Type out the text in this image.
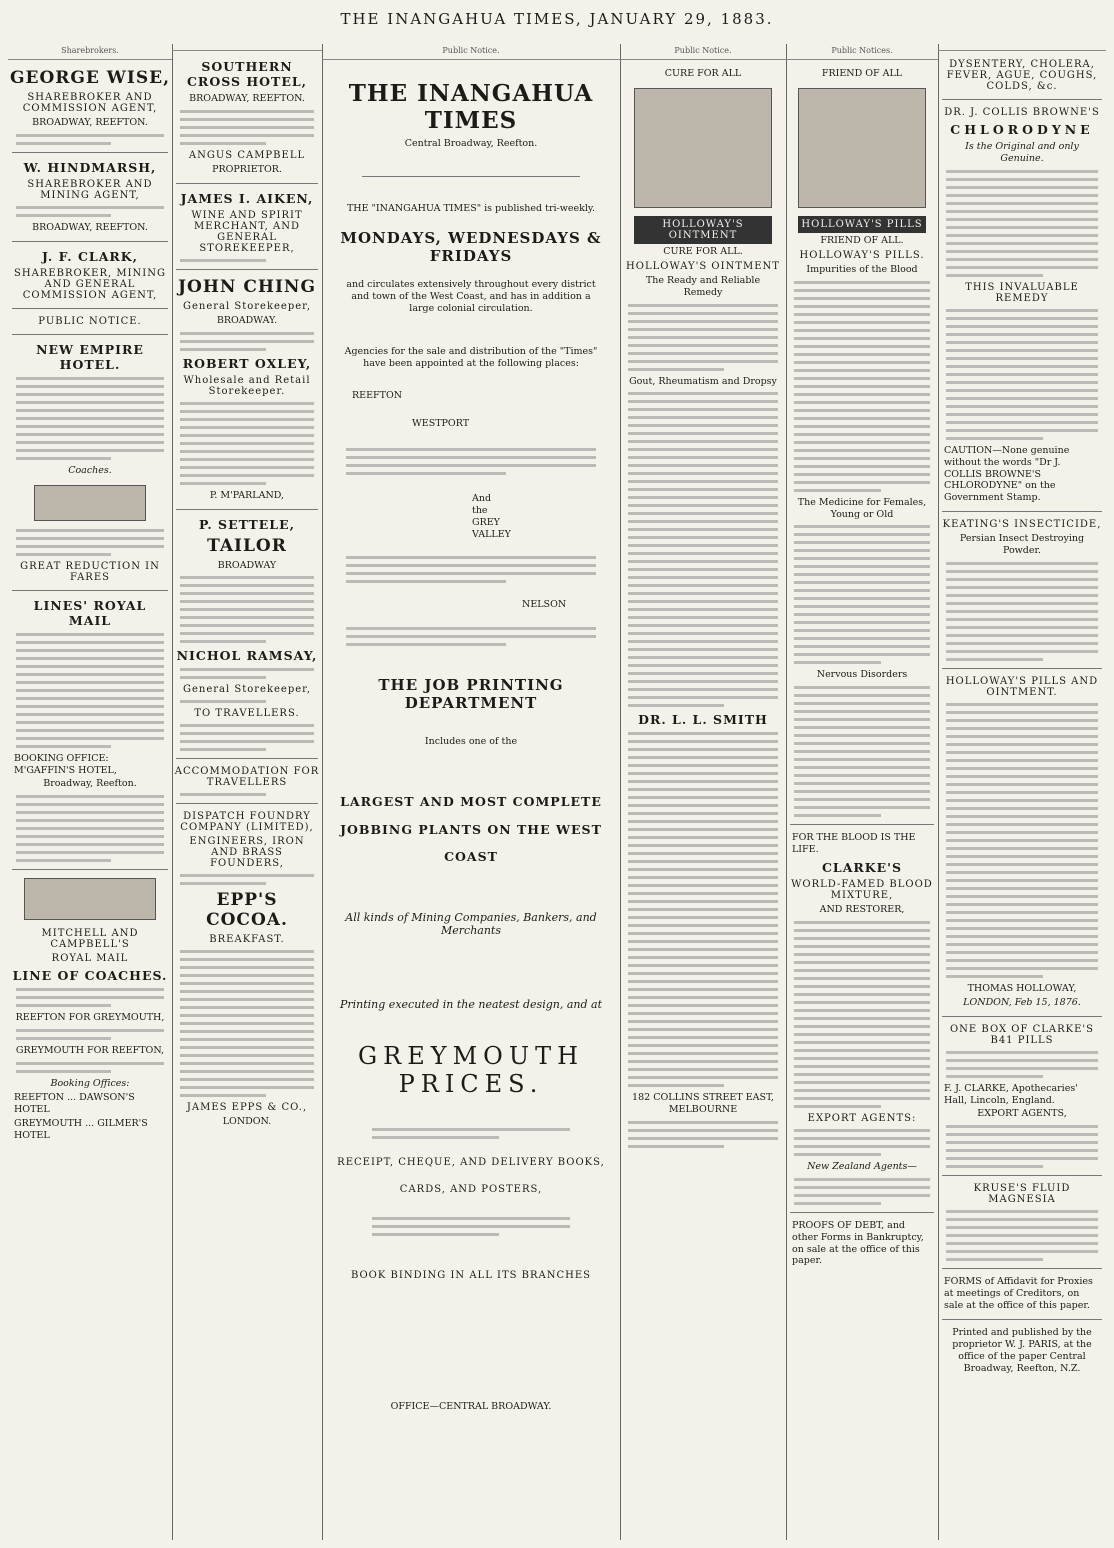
THE INANGAHUA TIMES, JANUARY 29, 1883.
Sharebrokers.
GEORGE WISE,
SHAREBROKER AND COMMISSION AGENT,
BROADWAY, REEFTON.
W. HINDMARSH,
SHAREBROKER AND MINING AGENT,
BROADWAY, REEFTON.
J. F. CLARK,
SHAREBROKER, MINING AND GENERAL COMMISSION AGENT,
PUBLIC NOTICE.
NEW EMPIRE HOTEL.
Coaches.
GREAT REDUCTION IN FARES
LINES' ROYAL MAIL
BOOKING OFFICE: M'GAFFIN'S HOTEL,
Broadway, Reefton.
MITCHELL AND CAMPBELL'S
ROYAL MAIL
LINE OF COACHES.
REEFTON FOR GREYMOUTH,
GREYMOUTH FOR REEFTON,
Booking Offices:
REEFTON ... DAWSON'S HOTEL
GREYMOUTH ... GILMER'S HOTEL
SOUTHERN CROSS HOTEL,
BROADWAY, REEFTON.
ANGUS CAMPBELL
PROPRIETOR.
JAMES I. AIKEN,
WINE AND SPIRIT MERCHANT, AND GENERAL STOREKEEPER,
JOHN CHING
General Storekeeper,
BROADWAY.
ROBERT OXLEY,
Wholesale and Retail Storekeeper.
P. M'PARLAND,
P. SETTELE,
TAILOR
BROADWAY
NICHOL RAMSAY,
General Storekeeper,
TO TRAVELLERS.
ACCOMMODATION FOR TRAVELLERS
DISPATCH FOUNDRY COMPANY (LIMITED),
ENGINEERS, IRON AND BRASS FOUNDERS,
EPP'S COCOA.
BREAKFAST.
JAMES EPPS & CO.,
LONDON.
Public Notice.
THE INANGAHUA TIMES
Central Broadway, Reefton.
THE "INANGAHUA TIMES" is published tri-weekly.
MONDAYS, WEDNESDAYS & FRIDAYS
and circulates extensively throughout every district and town of the West Coast, and has in addition a large colonial circulation.
Agencies for the sale and distribution of the "Times" have been appointed at the following places:
REEFTON
WESTPORT
And the GREY VALLEY
NELSON
THE JOB PRINTING DEPARTMENT
Includes one of the
LARGEST AND MOST COMPLETE JOBBING PLANTS ON THE WEST COAST
All kinds of Mining Companies, Bankers, and Merchants
Printing executed in the neatest design, and at
GREYMOUTH PRICES.
RECEIPT, CHEQUE, AND DELIVERY BOOKS,
CARDS, AND POSTERS,
BOOK BINDING IN ALL ITS BRANCHES
OFFICE—CENTRAL BROADWAY.
Public Notice.
CURE FOR ALL
HOLLOWAY'S OINTMENT
CURE FOR ALL.
HOLLOWAY'S OINTMENT
The Ready and Reliable Remedy
Gout, Rheumatism and Dropsy
DR. L. L. SMITH
182 COLLINS STREET EAST, MELBOURNE
Public Notices.
FRIEND OF ALL
HOLLOWAY'S PILLS
FRIEND OF ALL.
HOLLOWAY'S PILLS.
Impurities of the Blood
The Medicine for Females, Young or Old
Nervous Disorders
FOR THE BLOOD IS THE LIFE.
CLARKE'S
WORLD-FAMED BLOOD MIXTURE,
AND RESTORER,
EXPORT AGENTS:
New Zealand Agents—
PROOFS OF DEBT, and other Forms in Bankruptcy, on sale at the office of this paper.
DYSENTERY, CHOLERA, FEVER, AGUE, COUGHS, COLDS, &c.
DR. J. COLLIS BROWNE'S
CHLORODYNE
Is the Original and only Genuine.
THIS INVALUABLE REMEDY
CAUTION—None genuine without the words "Dr J. COLLIS BROWNE'S CHLORODYNE" on the Government Stamp.
KEATING'S INSECTICIDE,
Persian Insect Destroying Powder.
HOLLOWAY'S PILLS AND OINTMENT.
THOMAS HOLLOWAY,
LONDON, Feb 15, 1876.
ONE BOX OF CLARKE'S B41 PILLS
F. J. CLARKE, Apothecaries' Hall, Lincoln, England.
EXPORT AGENTS,
KRUSE'S FLUID MAGNESIA
FORMS of Affidavit for Proxies at meetings of Creditors, on sale at the office of this paper.
Printed and published by the proprietor W. J. PARIS, at the office of the paper Central Broadway, Reefton, N.Z.
